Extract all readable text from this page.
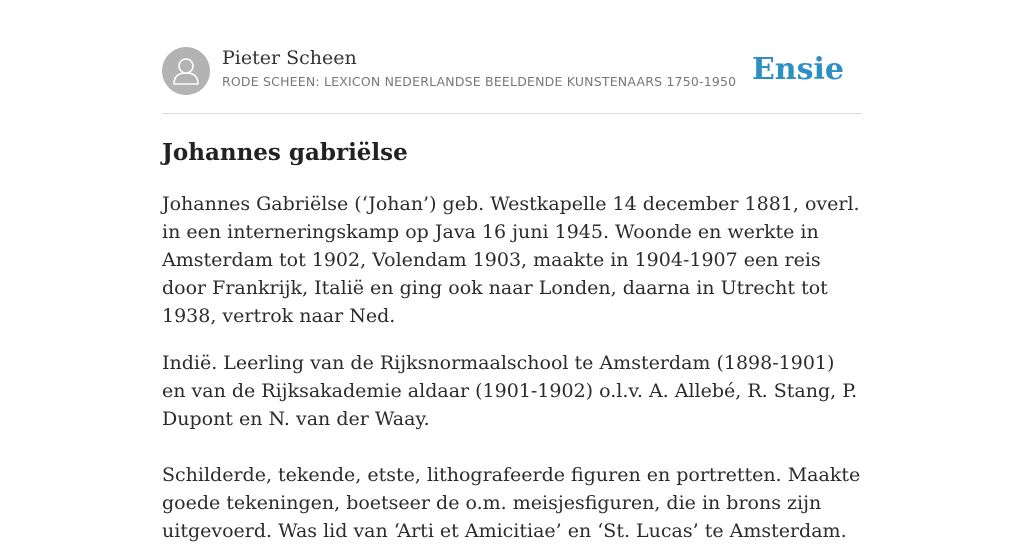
Pieter Scheen
RODE SCHEEN: LEXICON NEDERLANDSE BEELDENDE KUNSTENAARS 1750-1950 Ensie
Johannes gabriëlse

Johannes Gabriëlse (‘Johan’) geb. Westkapelle 14 december 1881, overl. in een interneringskamp op Java 16 juni 1945. Woonde en werkte in Amsterdam tot 1902, Volendam 1903, maakte in 1904-1907 een reis door Frankrijk, Italië en ging ook naar Londen, daarna in Utrecht tot 1938, vertrok naar Ned.

Indië. Leerling van de Rijksnormaalschool te Amsterdam (1898-1901) en van de Rijksakademie aldaar (1901-1902) o.l.v. A. Allebé, R. Stang, P. Dupont en N. van der Waay.

Schilderde, tekende, etste, lithografeerde figuren en portretten. Maakte goede tekeningen, boetseer de o.m. meisjesfiguren, die in brons zijn uitgevoerd. Was lid van ‘Arti et Amicitiae’ en ‘St. Lucas’ te Amsterdam.
